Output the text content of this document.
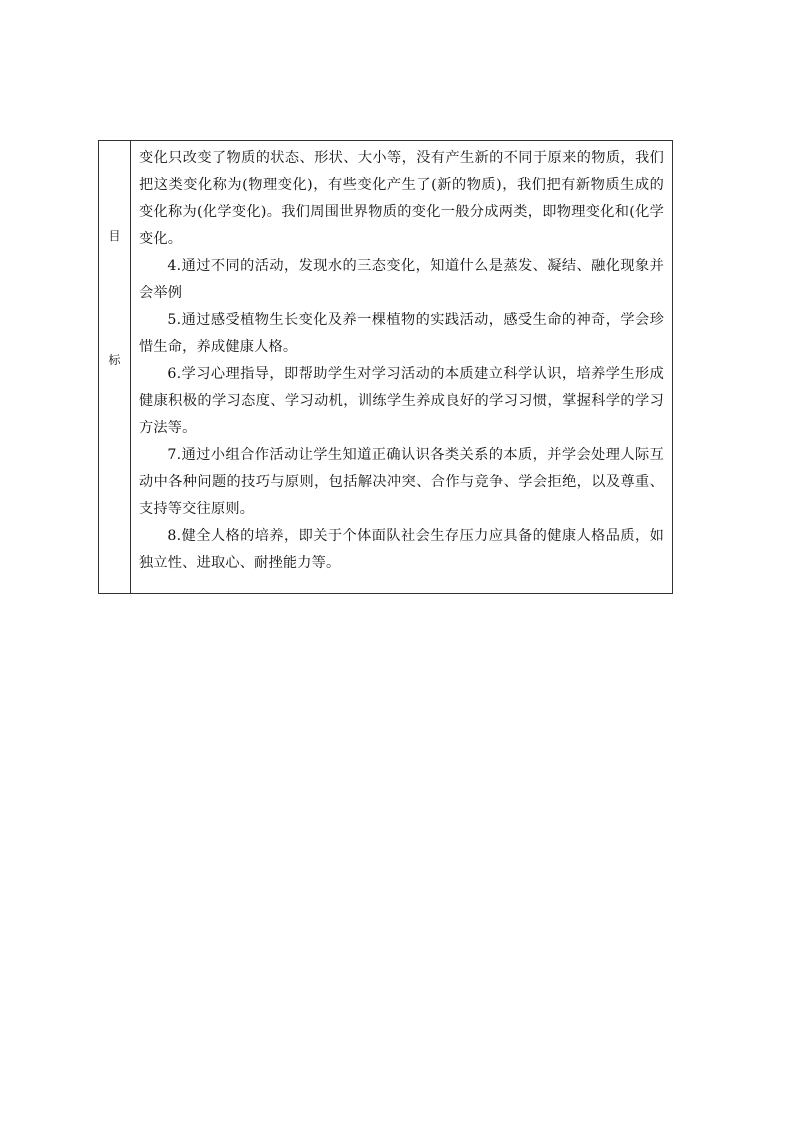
目
标

变化只改变了物质的状态、形状、大小等，没有产生新的不同于原来的物质，我们把这类变化称为(物理变化)，有些变化产生了(新的物质)，我们把有新物质生成的变化称为(化学变化)。我们周围世界物质的变化一般分成两类，即物理变化和(化学变化。

4.通过不同的活动，发现水的三态变化，知道什么是蒸发、凝结、融化现象并会举例

5.通过感受植物生长变化及养一棵植物的实践活动，感受生命的神奇，学会珍惜生命，养成健康人格。

6.学习心理指导，即帮助学生对学习活动的本质建立科学认识，培养学生形成健康积极的学习态度、学习动机，训练学生养成良好的学习习惯，掌握科学的学习方法等。

7.通过小组合作活动让学生知道正确认识各类关系的本质，并学会处理人际互动中各种问题的技巧与原则，包括解决冲突、合作与竞争、学会拒绝，以及尊重、支持等交往原则。

8.健全人格的培养，即关于个体面队社会生存压力应具备的健康人格品质，如独立性、进取心、耐挫能力等。
